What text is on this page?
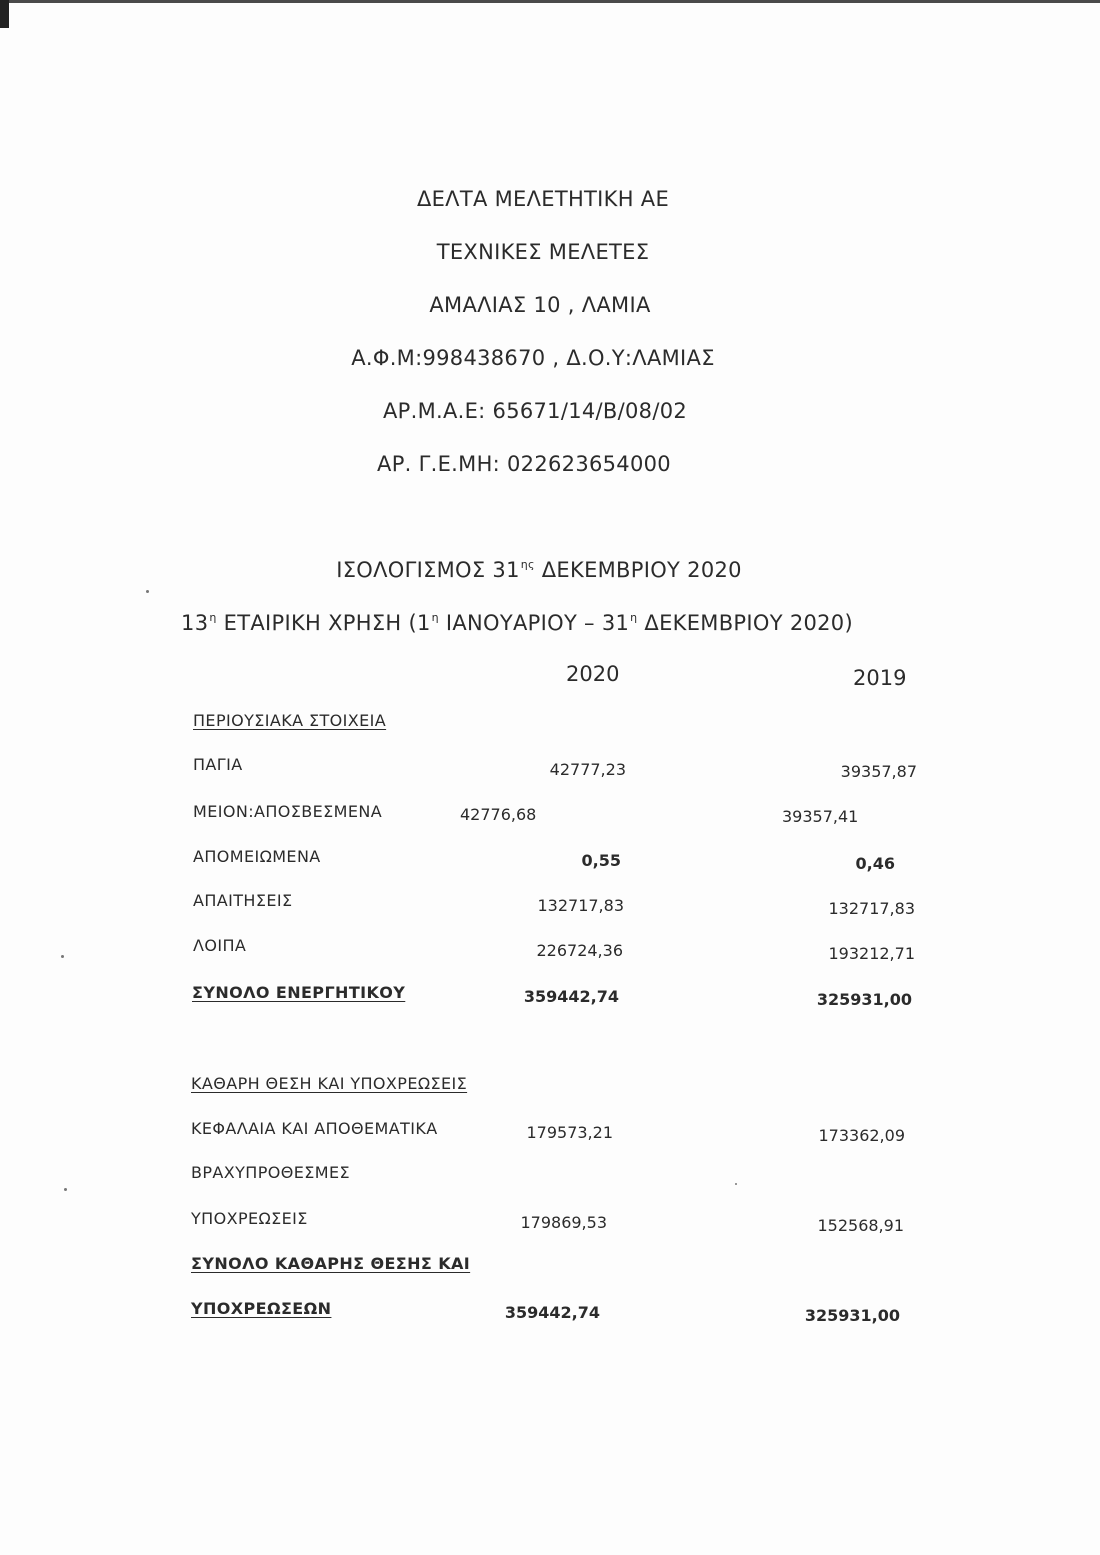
ΔΕΛΤΑ ΜΕΛΕΤΗΤΙΚΗ ΑΕ
ΤΕΧΝΙΚΕΣ ΜΕΛΕΤΕΣ
ΑΜΑΛΙΑΣ 10 , ΛΑΜΙΑ
Α.Φ.Μ:998438670 , Δ.Ο.Υ:ΛΑΜΙΑΣ
ΑΡ.Μ.Α.Ε: 65671/14/Β/08/02
ΑΡ. Γ.Ε.ΜΗ: 022623654000
ΙΣΟΛΟΓΙΣΜΟΣ $31^{\eta\varsigma}$ ΔΕΚΕΜΒΡΙΟΥ 2020
$13^\eta$ ΕΤΑΙΡΙΚΗ ΧΡΗΣΗ ($1^\eta$ ΙΑΝΟΥΑΡΙΟΥ – $31^\eta$ ΔΕΚΕΜΒΡΙΟΥ 2020)
2020	2019
ΠΕΡΙΟΥΣΙΑΚΑ ΣΤΟΙΧΕΙΑ
ΠΑΓΙΑ	42777,23	39357,87
ΜΕΙΟΝ:ΑΠΟΣΒΕΣΜΕΝΑ	42776,68	39357,41
ΑΠΟΜΕΙΩΜΕΝΑ	0,55	0,46
ΑΠΑΙΤΗΣΕΙΣ	132717,83	132717,83
ΛΟΙΠΑ	226724,36	193212,71
ΣΥΝΟΛΟ ΕΝΕΡΓΗΤΙΚΟΥ	359442,74	325931,00
ΚΑΘΑΡΗ ΘΕΣΗ ΚΑΙ ΥΠΟΧΡΕΩΣΕΙΣ
ΚΕΦΑΛΑΙΑ ΚΑΙ ΑΠΟΘΕΜΑΤΙΚΑ	179573,21	173362,09
ΒΡΑΧΥΠΡΟΘΕΣΜΕΣ
ΥΠΟΧΡΕΩΣΕΙΣ	179869,53	152568,91
ΣΥΝΟΛΟ ΚΑΘΑΡΗΣ ΘΕΣΗΣ ΚΑΙ
ΥΠΟΧΡΕΩΣΕΩΝ	359442,74	325931,00
